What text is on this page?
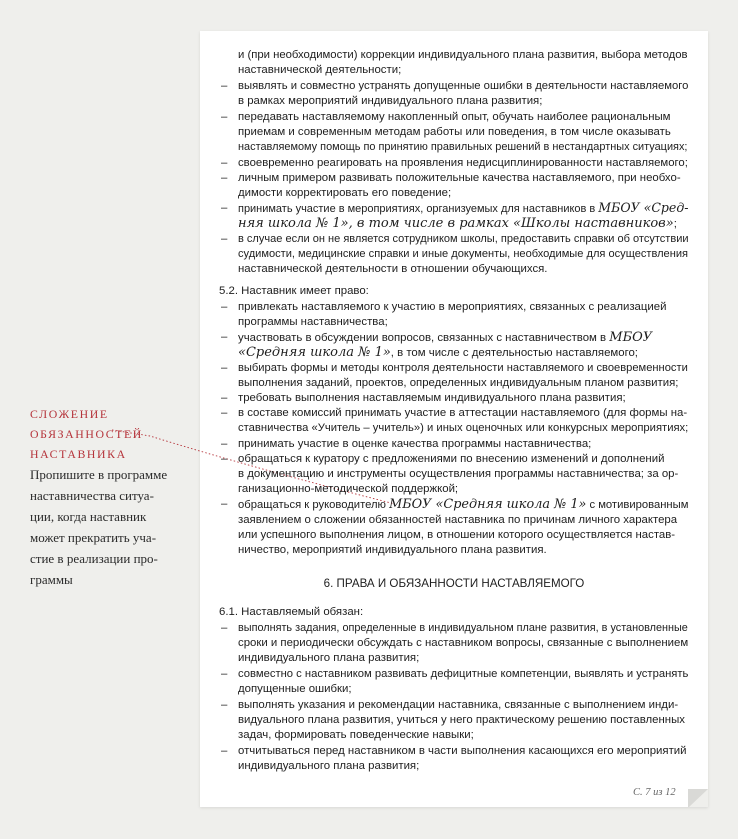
СЛОЖЕНИЕ
ОБЯЗАННОСТЕЙ
НАСТАВНИКА
Пропишите в программе
наставничества ситуа-
ции, когда наставник
может прекратить уча-
стие в реализации про-
граммы
и (при необходимости) коррекции индивидуального плана развития, выбора методов
наставнической деятельности;
– выявлять и совместно устранять допущенные ошибки в деятельности наставляемого
в рамках мероприятий индивидуального плана развития;
– передавать наставляемому накопленный опыт, обучать наиболее рациональным
приемам и современным методам работы или поведения, в том числе оказывать
наставляемому помощь по принятию правильных решений в нестандартных ситуациях;
– своевременно реагировать на проявления недисциплинированности наставляемого;
– личным примером развивать положительные качества наставляемого, при необхо-
димости корректировать его поведение;
– принимать участие в мероприятиях, организуемых для наставников в МБОУ «Сред-
няя школа № 1», в том числе в рамках «Школы наставников»;
– в случае если он не является сотрудником школы, предоставить справки об отсутствии
судимости, медицинские справки и иные документы, необходимые для осуществления
наставнической деятельности в отношении обучающихся.
5.2. Наставник имеет право:
– привлекать наставляемого к участию в мероприятиях, связанных с реализацией
программы наставничества;
– участвовать в обсуждении вопросов, связанных с наставничеством в МБОУ
«Средняя школа № 1», в том числе с деятельностью наставляемого;
– выбирать формы и методы контроля деятельности наставляемого и своевременности
выполнения заданий, проектов, определенных индивидуальным планом развития;
– требовать выполнения наставляемым индивидуального плана развития;
– в составе комиссий принимать участие в аттестации наставляемого (для формы на-
ставничества «Учитель – учитель») и иных оценочных или конкурсных мероприятиях;
– принимать участие в оценке качества программы наставничества;
– обращаться к куратору с предложениями по внесению изменений и дополнений
в документацию и инструменты осуществления программы наставничества; за ор-
ганизационно-методической поддержкой;
– обращаться к руководителю МБОУ «Средняя школа № 1» с мотивированным
заявлением о сложении обязанностей наставника по причинам личного характера
или успешного выполнения лицом, в отношении которого осуществляется настав-
ничество, мероприятий индивидуального плана развития.
6. ПРАВА И ОБЯЗАННОСТИ НАСТАВЛЯЕМОГО
6.1. Наставляемый обязан:
– выполнять задания, определенные в индивидуальном плане развития, в установленные
сроки и периодически обсуждать с наставником вопросы, связанные с выполнением
индивидуального плана развития;
– совместно с наставником развивать дефицитные компетенции, выявлять и устранять
допущенные ошибки;
– выполнять указания и рекомендации наставника, связанные с выполнением инди-
видуального плана развития, учиться у него практическому решению поставленных
задач, формировать поведенческие навыки;
– отчитываться перед наставником в части выполнения касающихся его мероприятий
индивидуального плана развития;
С. 7 из 12
